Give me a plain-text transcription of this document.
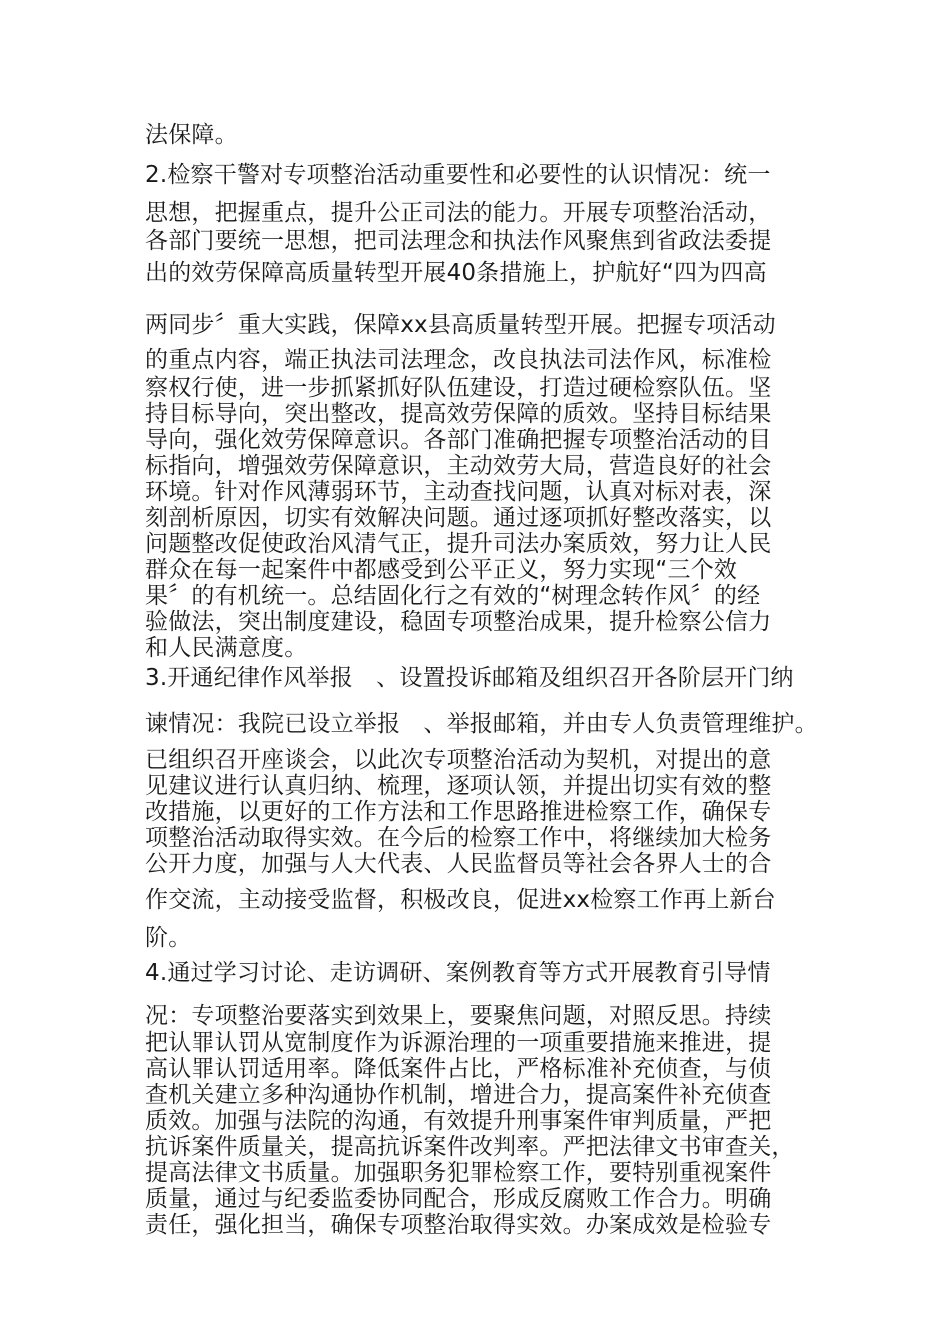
法保障。
2.检察干警对专项整治活动重要性和必要性的认识情况：统一
思想，把握重点，提升公正司法的能力。开展专项整治活动，
各部门要统一思想，把司法理念和执法作风聚焦到省政法委提
出的效劳保障高质量转型开展40条措施上，护航好“四为四高
两同步〞重大实践，保障xx县高质量转型开展。把握专项活动
的重点内容，端正执法司法理念，改良执法司法作风，标准检
察权行使，进一步抓紧抓好队伍建设，打造过硬检察队伍。坚
持目标导向，突出整改，提高效劳保障的质效。坚持目标结果
导向，强化效劳保障意识。各部门准确把握专项整治活动的目
标指向，增强效劳保障意识，主动效劳大局，营造良好的社会
环境。针对作风薄弱环节，主动查找问题，认真对标对表，深
刻剖析原因，切实有效解决问题。通过逐项抓好整改落实，以
问题整改促使政治风清气正，提升司法办案质效，努力让人民
群众在每一起案件中都感受到公平正义，努力实现“三个效
果〞的有机统一。总结固化行之有效的“树理念转作风〞的经
验做法，突出制度建设，稳固专项整治成果，提升检察公信力
和人民满意度。
3.开通纪律作风举报　、设置投诉邮箱及组织召开各阶层开门纳
谏情况：我院已设立举报　、举报邮箱，并由专人负责管理维护。
已组织召开座谈会，以此次专项整治活动为契机，对提出的意
见建议进行认真归纳、梳理，逐项认领，并提出切实有效的整
改措施，以更好的工作方法和工作思路推进检察工作，确保专
项整治活动取得实效。在今后的检察工作中，将继续加大检务
公开力度，加强与人大代表、人民监督员等社会各界人士的合
作交流，主动接受监督，积极改良，促进xx检察工作再上新台
阶。
4.通过学习讨论、走访调研、案例教育等方式开展教育引导情
况：专项整治要落实到效果上，要聚焦问题，对照反思。持续
把认罪认罚从宽制度作为诉源治理的一项重要措施来推进，提
高认罪认罚适用率。降低案件占比，严格标准补充侦查，与侦
查机关建立多种沟通协作机制，增进合力，提高案件补充侦查
质效。加强与法院的沟通，有效提升刑事案件审判质量，严把
抗诉案件质量关，提高抗诉案件改判率。严把法律文书审查关，
提高法律文书质量。加强职务犯罪检察工作，要特别重视案件
质量，通过与纪委监委协同配合，形成反腐败工作合力。明确
责任，强化担当，确保专项整治取得实效。办案成效是检验专
